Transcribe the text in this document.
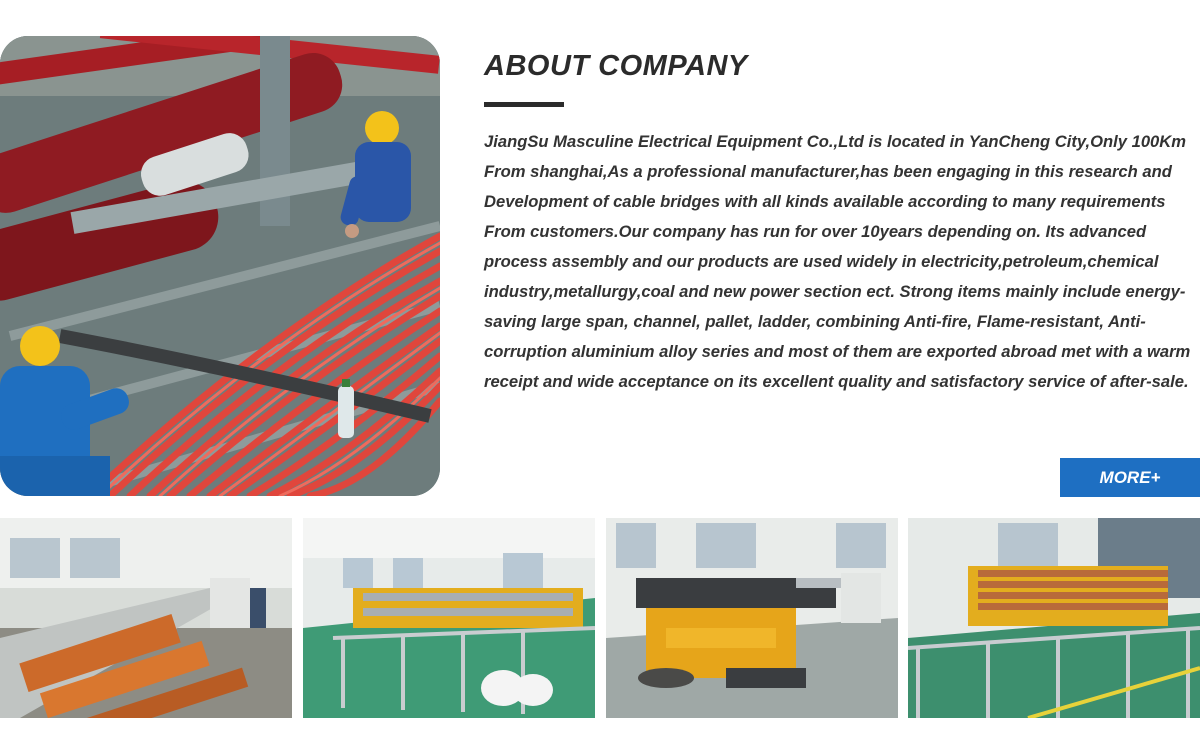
ABOUT COMPANY

JiangSu Masculine Electrical Equipment Co.,Ltd is located in YanCheng City,Only 100Km From shanghai,As a professional manufacturer,has been engaging in this research and Development of cable bridges with all kinds available according to many requirements From customers.Our company has run for over 10years depending on. Its advanced process assembly and our products are used widely in electricity,petroleum,chemical industry,metallurgy,coal and new power section ect. Strong items mainly include energy-saving large span, channel, pallet, ladder, combining Anti-fire, Flame-resistant, Anti-corruption aluminium alloy series and most of them are exported abroad met with a warm receipt and wide acceptance on its excellent quality and satisfactory service of after-sale.

MORE+
